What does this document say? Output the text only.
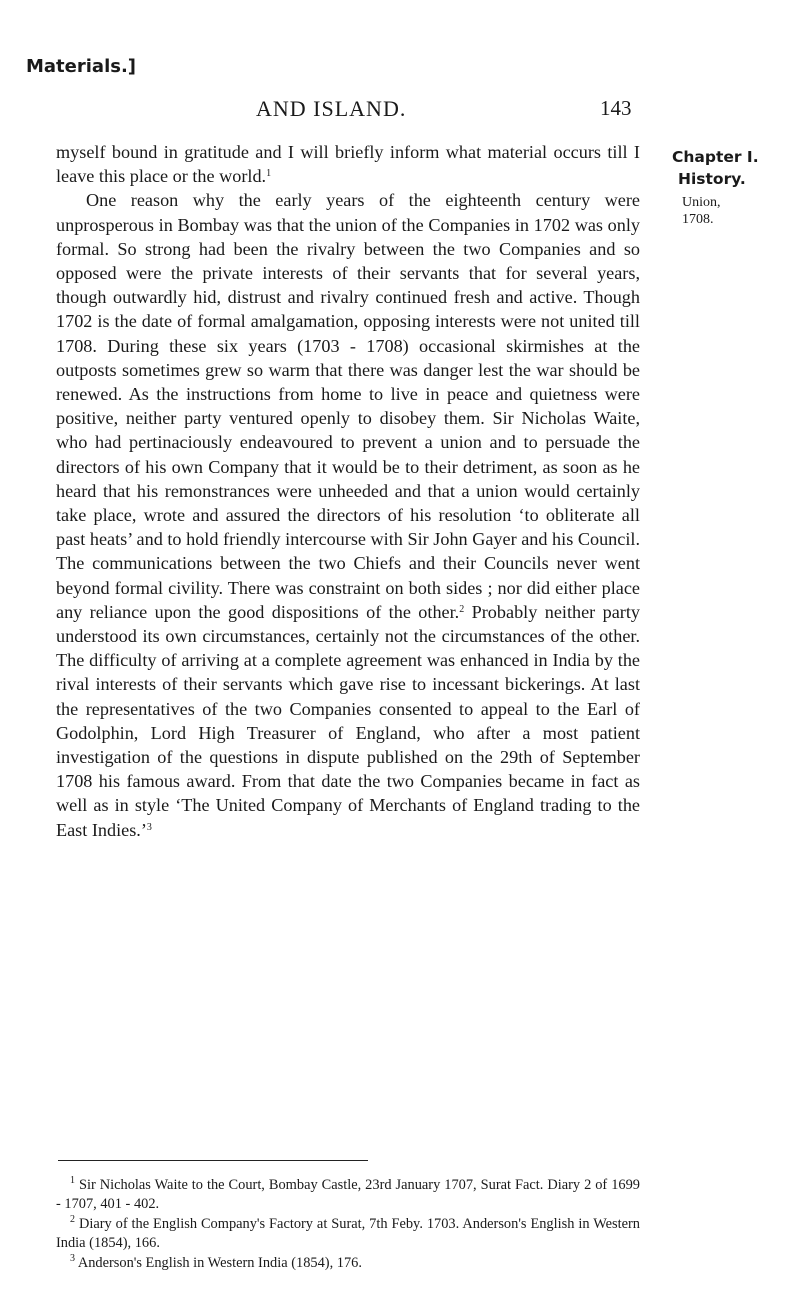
Materials.]
AND ISLAND.	143

myself bound in gratitude and I will briefly inform what material occurs till I leave this place or the world.$^1$

One reason why the early years of the eighteenth century were unprosperous in Bombay was that the union of the Companies in 1702 was only formal. So strong had been the rivalry between the two Companies and so opposed were the private interests of their servants that for several years, though outwardly hid, distrust and rivalry continued fresh and active. Though 1702 is the date of formal amalgamation, opposing interests were not united till 1708. During these six years (1703 - 1708) occasional skirmishes at the outposts sometimes grew so warm that there was danger lest the war should be renewed. As the instructions from home to live in peace and quietness were positive, neither party ventured openly to disobey them. Sir Nicholas Waite, who had pertinaciously endeavoured to prevent a union and to persuade the directors of his own Company that it would be to their detriment, as soon as he heard that his remonstrances were unheeded and that a union would certainly take place, wrote and assured the directors of his resolution ‘to obliterate all past heats’ and to hold friendly intercourse with Sir John Gayer and his Council. The communications between the two Chiefs and their Councils never went beyond formal civility. There was constraint on both sides ; nor did either place any reliance upon the good dispositions of the other.$^2$ Probably neither party understood its own circumstances, certainly not the circumstances of the other. The difficulty of arriving at a complete agreement was enhanced in India by the rival interests of their servants which gave rise to incessant bickerings. At last the representatives of the two Companies consented to appeal to the Earl of Godolphin, Lord High Treasurer of England, who after a most patient investigation of the questions in dispute published on the 29th of September 1708 his famous award. From that date the two Companies became in fact as well as in style ‘The United Company of Merchants of England trading to the East Indies.’$^3$

Chapter I.
History.
Union,
1708.

$^1$ Sir Nicholas Waite to the Court, Bombay Castle, 23rd January 1707, Surat Fact. Diary 2 of 1699 - 1707, 401 - 402.

$^2$ Diary of the English Company's Factory at Surat, 7th Feby. 1703. Anderson's English in Western India (1854), 166.

$^3$ Anderson's English in Western India (1854), 176.
